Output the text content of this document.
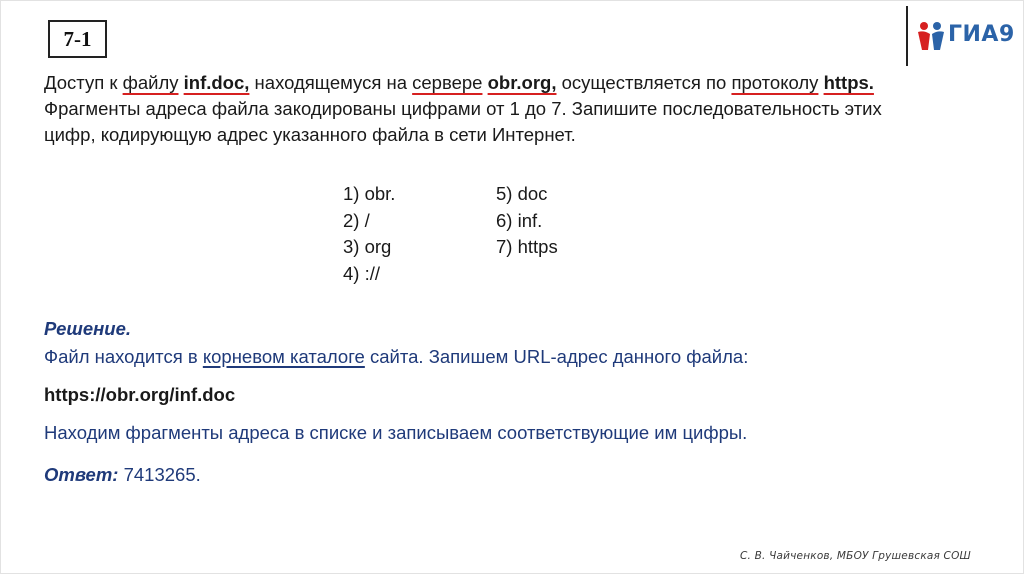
7-1	ГИА9

Доступ к файлу inf.doc, находящемуся на сервере obr.org, осуществляется по протоколу https.

Фрагменты адреса файла закодированы цифрами от 1 до 7. Запишите последовательность этих

цифр, кодирующую адрес указанного файла в сети Интернет.

1) obr.	5) doc
2) /	6) inf.
3) org	7) https
4) ://
Решение.
Файл находится в корневом каталоге сайта. Запишем URL-адрес данного файла:
https://obr.org/inf.doc
Находим фрагменты адреса в списке и записываем соответствующие им цифры.
Ответ: 7413265.
С. В. Чайченков, МБОУ Грушевская СОШ
